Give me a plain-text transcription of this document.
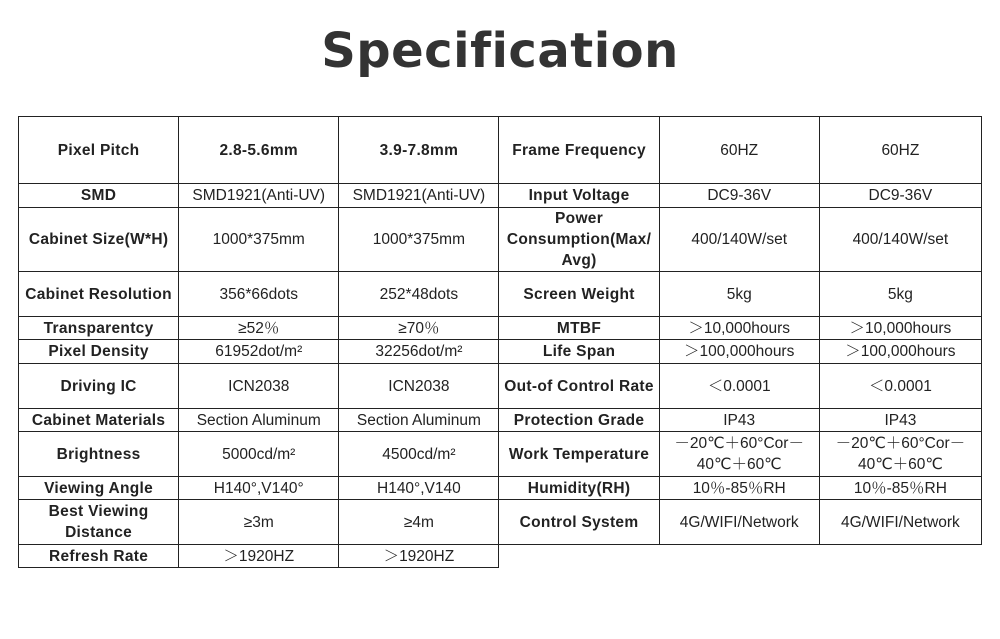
Specification
Pixel Pitch	2.8-5.6mm	3.9-7.8mm	Frame Frequency	60HZ	60HZ
SMD	SMD1921(Anti-UV)	SMD1921(Anti-UV)	Input Voltage	DC9-36V	DC9-36V
Cabinet Size(W*H)	1000*375mm	1000*375mm	Power Consumption(Max/Avg)	400/140W/set	400/140W/set
Cabinet Resolution	356*66dots	252*48dots	Screen Weight	5kg	5kg
Transparentcy	≥52％	≥70％	MTBF	＞10,000hours	＞10,000hours
Pixel Density	61952dot/m²	32256dot/m²	Life Span	＞100,000hours	＞100,000hours
Driving IC	ICN2038	ICN2038	Out-of Control Rate	＜0.0001	＜0.0001
Cabinet Materials	Section Aluminum	Section Aluminum	Protection Grade	IP43	IP43
Brightness	5000cd/m²	4500cd/m²	Work Temperature	－20℃＋60°Cor－40℃＋60℃	－20℃＋60°Cor－40℃＋60℃
Viewing Angle	H140°,V140°	H140°,V140	Humidity(RH)	10％-85％RH	10％-85％RH
Best Viewing Distance	≥3m	≥4m	Control System	4G/WIFI/Network	4G/WIFI/Network
Refresh Rate	＞1920HZ	＞1920HZ			
